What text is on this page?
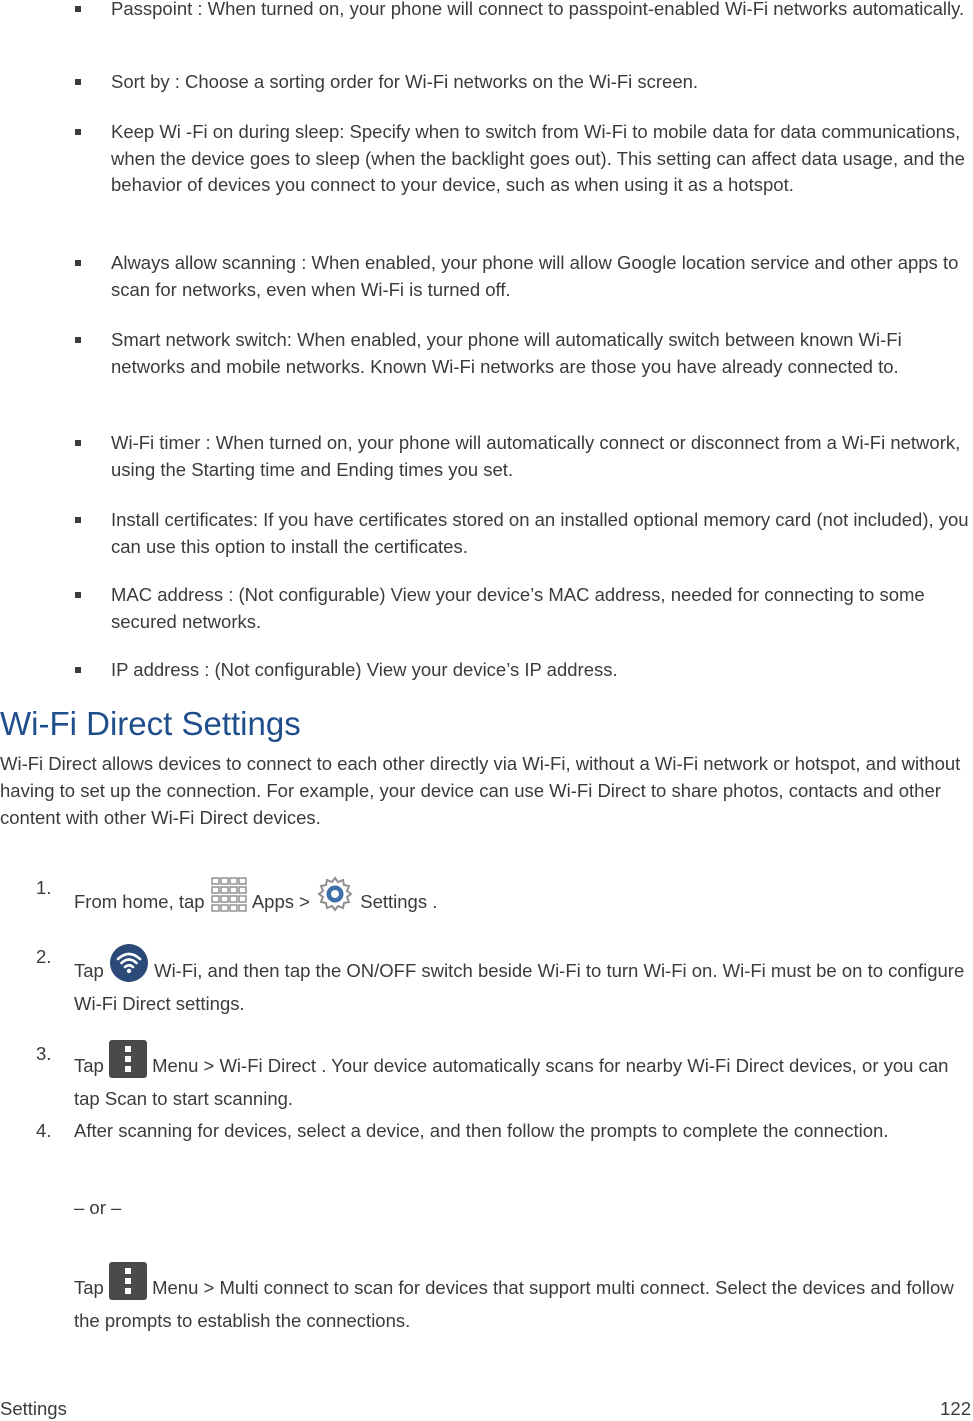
Passpoint : When turned on, your phone will connect to passpoint-enabled Wi-Fi networks automatically.
Sort by : Choose a sorting order for Wi-Fi networks on the Wi-Fi screen.
Keep Wi -Fi on during sleep: Specify when to switch from Wi-Fi to mobile data for data communications, when the device goes to sleep (when the backlight goes out). This setting can affect data usage, and the behavior of devices you connect to your device, such as when using it as a hotspot.
Always allow scanning : When enabled, your phone will allow Google location service and other apps to scan for networks, even when Wi-Fi is turned off.
Smart network switch: When enabled, your phone will automatically switch between known Wi-Fi networks and mobile networks. Known Wi-Fi networks are those you have already connected to.
Wi-Fi timer : When turned on, your phone will automatically connect or disconnect from a Wi-Fi network, using the Starting time and Ending times you set.
Install certificates: If you have certificates stored on an installed optional memory card (not included), you can use this option to install the certificates.
MAC address : (Not configurable) View your device’s MAC address, needed for connecting to some secured networks.
IP address : (Not configurable) View your device’s IP address.
Wi-Fi Direct Settings
Wi-Fi Direct allows devices to connect to each other directly via Wi-Fi, without a Wi-Fi network or hotspot, and without having to set up the connection. For example, your device can use Wi-Fi Direct to share photos, contacts and other content with other Wi-Fi Direct devices.
1.
From home, tap	Apps >	Settings .
2.
Tap	Wi-Fi, and then tap the ON/OFF switch beside Wi-Fi to turn Wi-Fi on. Wi-Fi must be on to configure Wi-Fi Direct settings.
3.
Tap	Menu > Wi-Fi Direct . Your device automatically scans for nearby Wi-Fi Direct devices, or you can tap Scan to start scanning.
4. After scanning for devices, select a device, and then follow the prompts to complete the connection.
– or –
Tap	Menu > Multi connect to scan for devices that support multi connect. Select the devices and follow the prompts to establish the connections.
Settings	122
